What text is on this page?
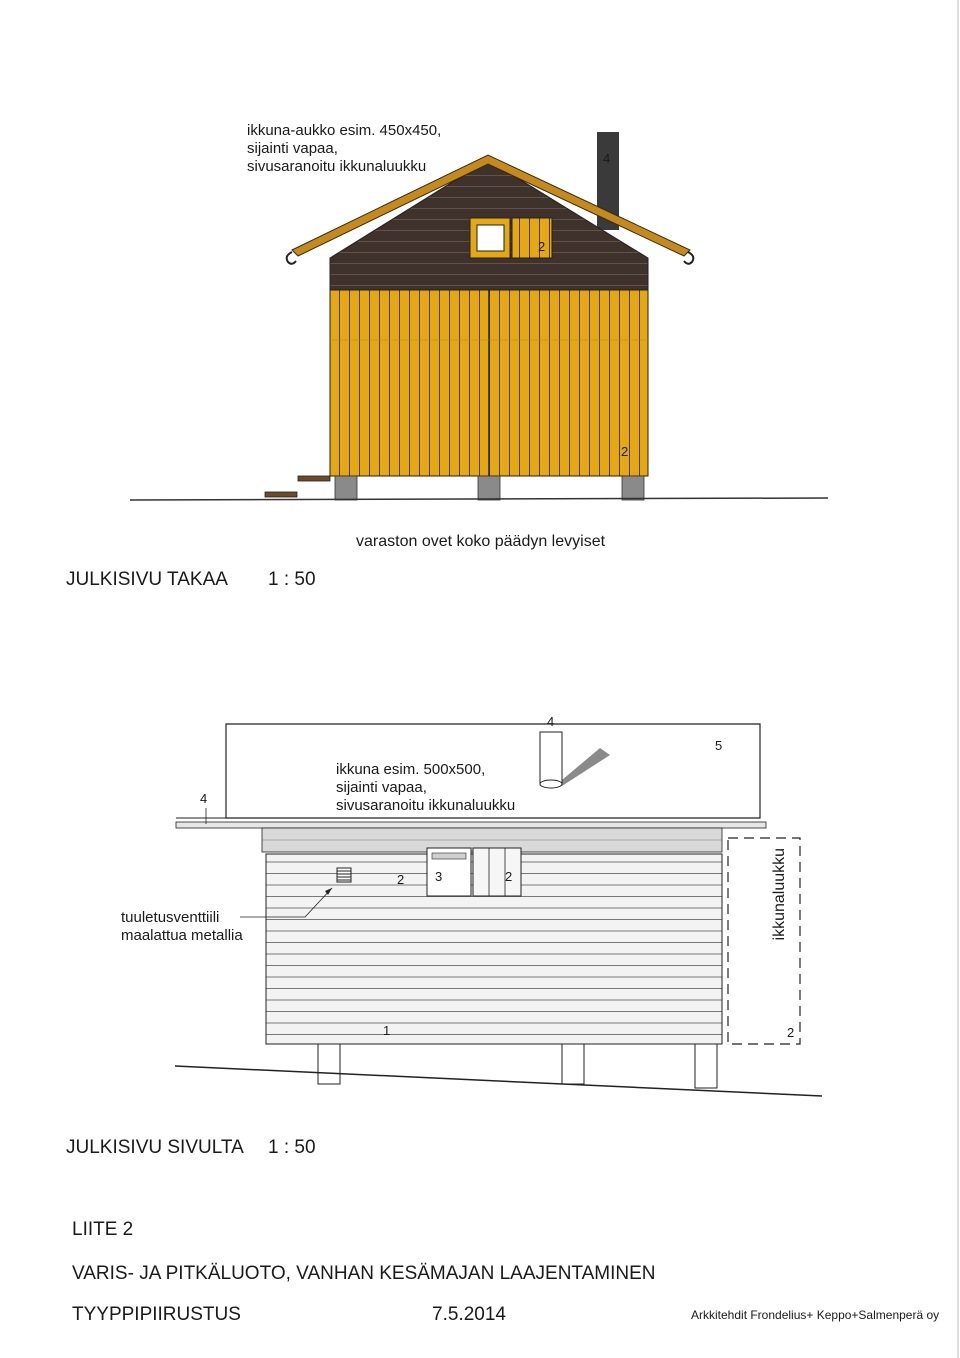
ikkuna-aukko esim. 450x450,
sijainti vapaa,
sivusaranoitu ikkunaluukku	4
2
2
varaston ovet koko päädyn levyiset
JULKISIVU TAKAA 1 : 50
4
5
4
ikkuna esim. 500x500,
sijainti vapaa,
sivusaranoitu ikkunaluukku
tuuletusventtiili
maalattua metallia
2 3	2	ikkunaluukku
1	2
JULKISIVU SIVULTA 1 : 50
LIITE 2
VARIS- JA PITKÄLUOTO, VANHAN KESÄMAJAN LAAJENTAMINEN
TYYPPIPIIRUSTUS	7.5.2014	Arkkitehdit Frondelius+ Keppo+Salmenperä oy
